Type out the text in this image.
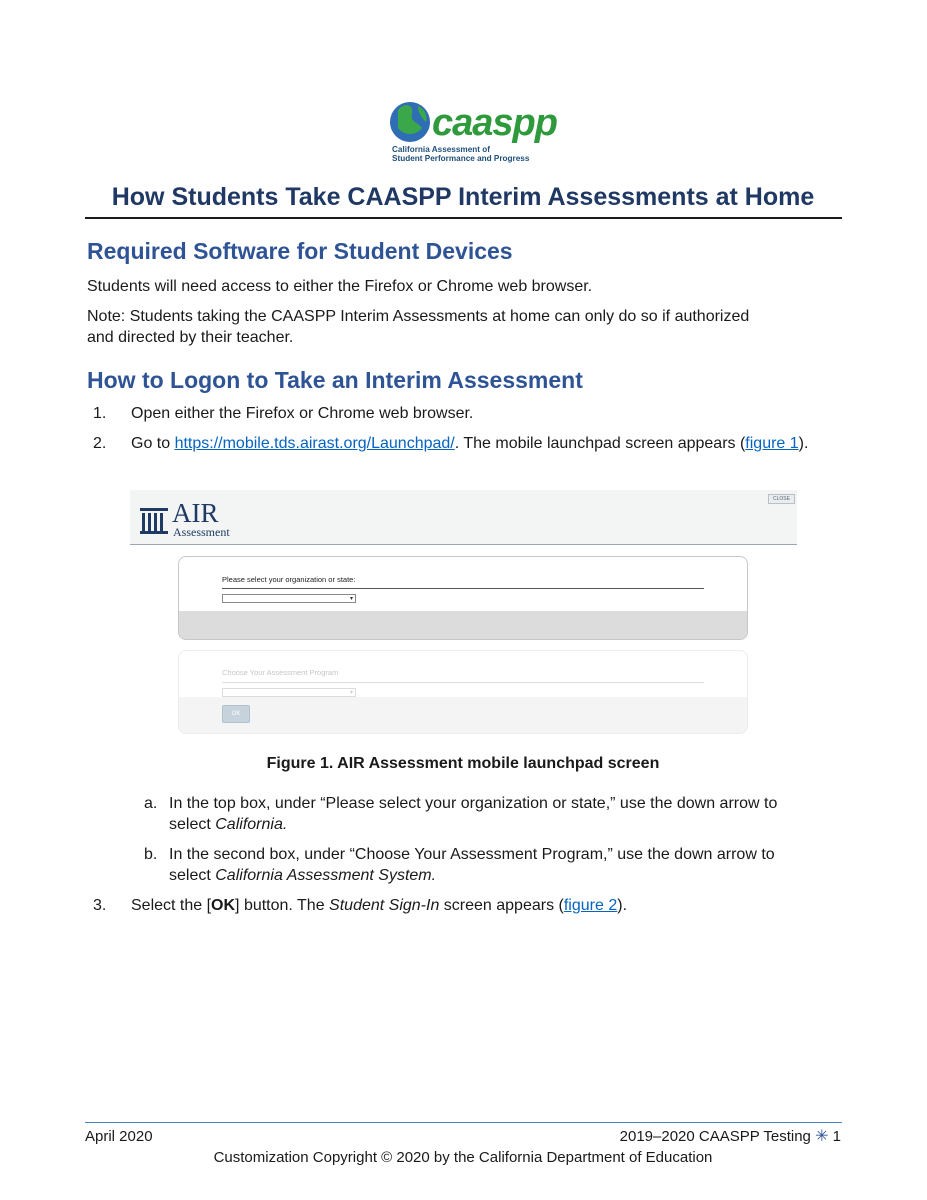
caaspp
California Assessment of
Student Performance and Progress
How Students Take CAASPP Interim Assessments at Home
Required Software for Student Devices
Students will need access to either the Firefox or Chrome web browser.
Note: Students taking the CAASPP Interim Assessments at home can only do so if authorized and directed by their teacher.
How to Logon to Take an Interim Assessment
1. Open either the Firefox or Chrome web browser.
2. Go to https://mobile.tds.airast.org/Launchpad/. The mobile launchpad screen appears (figure 1).
AIR
Assessment
CLOSE
Please select your organization or state:
▾
Choose Your Assessment Program
▾
OK
Figure 1. AIR Assessment mobile launchpad screen
a. In the top box, under “Please select your organization or state,” use the down arrow to select California.
b. In the second box, under “Choose Your Assessment Program,” use the down arrow to select California Assessment System.
3. Select the [OK] button. The Student Sign-In screen appears (figure 2).
April 2020	2019–2020 CAASPP Testing ✳ 1
Customization Copyright © 2020 by the California Department of Education
